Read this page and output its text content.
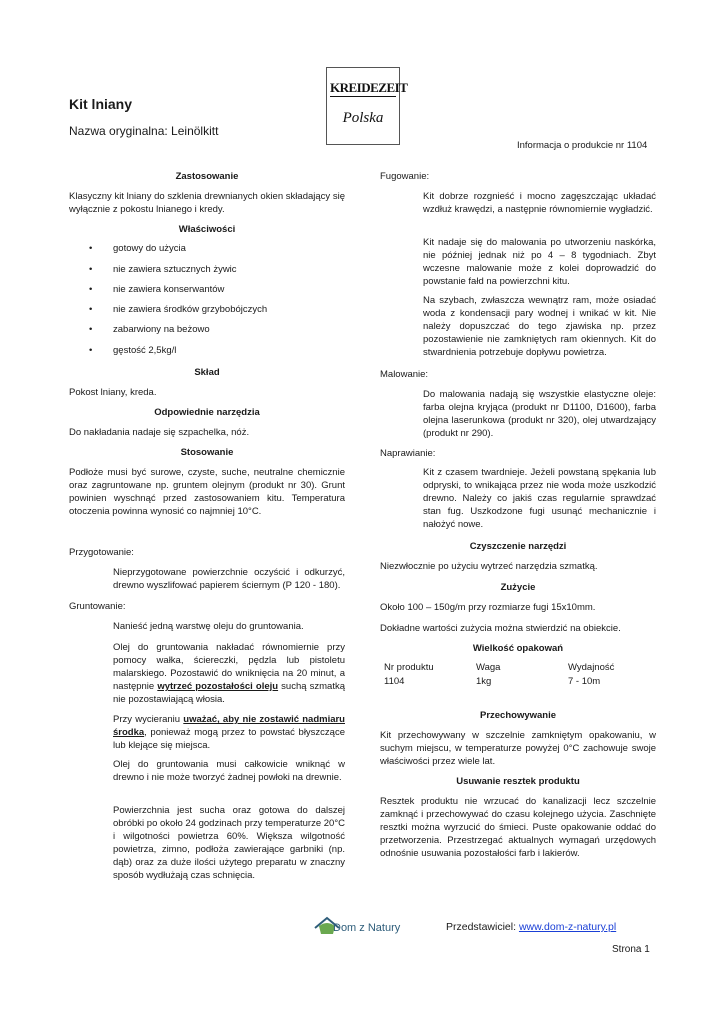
KREIDEZEIT
Polska
Kit lniany
Nazwa oryginalna: Leinölkitt
Informacja o produkcie nr 1104
Zastosowanie
Klasyczny kit lniany do szklenia drewnianych okien składający się wyłącznie z pokostu lnianego i kredy.
Właściwości
• gotowy do użycia
• nie zawiera sztucznych żywic
• nie zawiera konserwantów
• nie zawiera środków grzybobójczych
• zabarwiony na beżowo
• gęstość 2,5kg/l
Skład
Pokost lniany, kreda.
Odpowiednie narzędzia
Do nakładania nadaje się szpachelka, nóż.
Stosowanie
Podłoże musi być surowe, czyste, suche, neutralne chemicznie oraz zagruntowane np. gruntem olejnym (produkt nr 30). Grunt powinien wyschnąć przed zastosowaniem kitu. Temperatura otoczenia powinna wynosić co najmniej 10°C.
Przygotowanie:
Nieprzygotowane powierzchnie oczyścić i odkurzyć, drewno wyszlifować papierem ściernym (P 120 - 180).
Gruntowanie:
Nanieść jedną warstwę oleju do gruntowania.
Olej do gruntowania nakładać równomiernie przy pomocy wałka, ściereczki, pędzla lub pistoletu malarskiego. Pozostawić do wniknięcia na 20 minut, a następnie wytrzeć pozostałości oleju suchą szmatką nie pozostawiającą włosia.
Przy wycieraniu uważać, aby nie zostawić nadmiaru środka, ponieważ mogą przez to powstać błyszczące lub klejące się miejsca.
Olej do gruntowania musi całkowicie wniknąć w drewno i nie może tworzyć żadnej powłoki na drewnie.
Powierzchnia jest sucha oraz gotowa do dalszej obróbki po około 24 godzinach przy temperaturze 20°C i wilgotności powietrza 60%. Większa wilgotność powietrza, zimno, podłoża zawierające garbniki (np. dąb) oraz za duże ilości użytego preparatu w znaczny sposób wydłużają czas schnięcia.
Fugowanie:
Kit dobrze rozgnieść i mocno zagęszczając układać wzdłuż krawędzi, a następnie równomiernie wygładzić.
Kit nadaje się do malowania po utworzeniu naskórka, nie później jednak niż po 4 – 8 tygodniach. Zbyt wczesne malowanie może z kolei doprowadzić do powstanie fałd na powierzchni kitu.
Na szybach, zwłaszcza wewnątrz ram, może osiadać woda z kondensacji pary wodnej i wnikać w kit. Nie należy dopuszczać do tego zjawiska np. przez pozostawienie nie zamkniętych ram okiennych. Kit do stwardnienia potrzebuje dopływu powietrza.
Malowanie:
Do malowania nadają się wszystkie elastyczne oleje: farba olejna kryjąca (produkt nr D1100, D1600), farba olejna laserunkowa (produkt nr 320), olej utwardzający (produkt nr 290).
Naprawianie:
Kit z czasem twardnieje. Jeżeli powstaną spękania lub odpryski, to wnikająca przez nie woda może uszkodzić drewno. Należy co jakiś czas regularnie sprawdzać stan fug. Uszkodzone fugi usunąć mechanicznie i nałożyć nowe.
Czyszczenie narzędzi
Niezwłocznie po użyciu wytrzeć narzędzia szmatką.
Zużycie
Około 100 – 150g/m przy rozmiarze fugi 15x10mm.
Dokładne wartości zużycia można stwierdzić na obiekcie.
Wielkość opakowań
Nr produktu	Waga	Wydajność
1104	1kg	7 - 10m
Przechowywanie
Kit przechowywany w szczelnie zamkniętym opakowaniu, w suchym miejscu, w temperaturze powyżej 0°C zachowuje swoje właściwości przez wiele lat.
Usuwanie resztek produktu
Resztek produktu nie wrzucać do kanalizacji lecz szczelnie zamknąć i przechowywać do czasu kolejnego użycia. Zaschnięte resztki można wyrzucić do śmieci. Puste opakowanie oddać do przetworzenia. Przestrzegać aktualnych wymagań urzędowych odnośnie usuwania pozostałości farb i lakierów.
Dom z Natury	Przedstawiciel: www.dom-z-natury.pl
Strona 1
